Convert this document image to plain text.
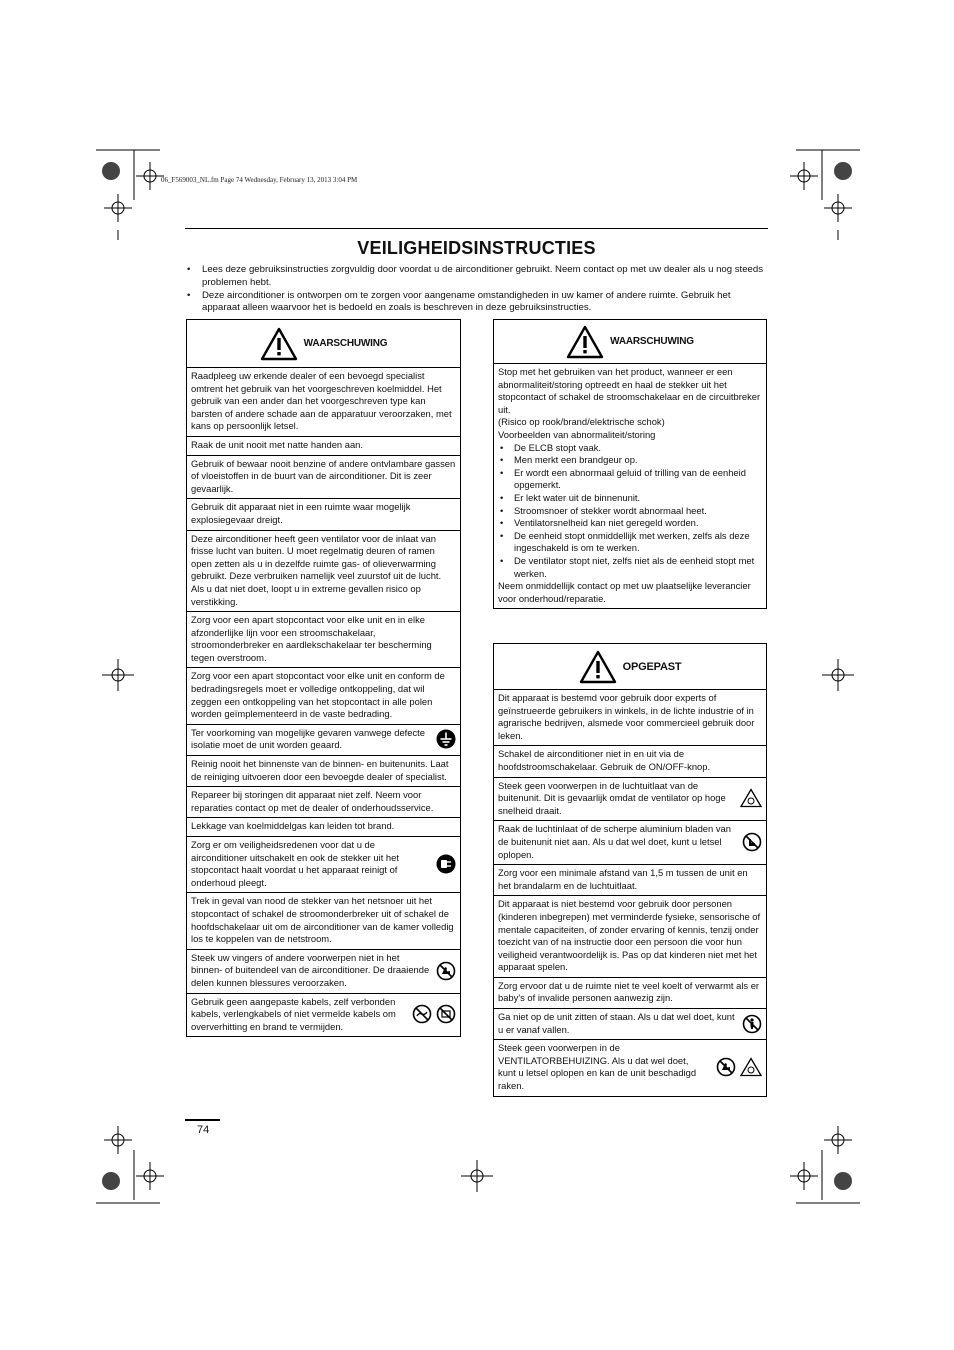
06_F569003_NL.fm Page 74 Wednesday, February 13, 2013 3:04 PM
VEILIGHEIDSINSTRUCTIES
• Lees deze gebruiksinstructies zorgvuldig door voordat u de airconditioner gebruikt. Neem contact op met uw dealer als u nog steeds problemen hebt.
• Deze airconditioner is ontworpen om te zorgen voor aangename omstandigheden in uw kamer of andere ruimte. Gebruik het apparaat alleen waarvoor het is bedoeld en zoals is beschreven in deze gebruiksinstructies.
WAARSCHUWING
Raadpleeg uw erkende dealer of een bevoegd specialist omtrent het gebruik van het voorgeschreven koelmiddel. Het gebruik van een ander dan het voorgeschreven type kan barsten of andere schade aan de apparatuur veroorzaken, met kans op persoonlijk letsel.
Raak de unit nooit met natte handen aan.
Gebruik of bewaar nooit benzine of andere ontvlambare gassen of vloeistoffen in de buurt van de airconditioner. Dit is zeer gevaarlijk.
Gebruik dit apparaat niet in een ruimte waar mogelijk explosiegevaar dreigt.
Deze airconditioner heeft geen ventilator voor de inlaat van frisse lucht van buiten. U moet regelmatig deuren of ramen open zetten als u in dezelfde ruimte gas- of olieverwarming gebruikt. Deze verbruiken namelijk veel zuurstof uit de lucht. Als u dat niet doet, loopt u in extreme gevallen risico op verstikking.
Zorg voor een apart stopcontact voor elke unit en in elke afzonderlijke lijn voor een stroomschakelaar, stroomonderbreker en aardlekschakelaar ter bescherming tegen overstroom.
Zorg voor een apart stopcontact voor elke unit en conform de bedradingsregels moet er volledige ontkoppeling, dat wil zeggen een ontkoppeling van het stopcontact in alle polen worden geïmplementeerd in de vaste bedrading.
Ter voorkoming van mogelijke gevaren vanwege defecte isolatie moet de unit worden geaard.
Reinig nooit het binnenste van de binnen- en buitenunits. Laat de reiniging uitvoeren door een bevoegde dealer of specialist.
Repareer bij storingen dit apparaat niet zelf. Neem voor reparaties contact op met de dealer of onderhoudsservice.
Lekkage van koelmiddelgas kan leiden tot brand.
Zorg er om veiligheidsredenen voor dat u de airconditioner uitschakelt en ook de stekker uit het stopcontact haalt voordat u het apparaat reinigt of onderhoud pleegt.
Trek in geval van nood de stekker van het netsnoer uit het stopcontact of schakel de stroomonderbreker uit of schakel de hoofdschakelaar uit om de airconditioner van de kamer volledig los te koppelen van de netstroom.
Steek uw vingers of andere voorwerpen niet in het binnen- of buitendeel van de airconditioner. De draaiende delen kunnen blessures veroorzaken.
Gebruik geen aangepaste kabels, zelf verbonden kabels, verlengkabels of niet vermelde kabels om oververhitting en brand te vermijden.
WAARSCHUWING
Stop met het gebruiken van het product, wanneer er een abnormaliteit/storing optreedt en haal de stekker uit het stopcontact of schakel de stroomschakelaar en de circuitbreker uit.
(Risico op rook/brand/elektrische schok)
Voorbeelden van abnormaliteit/storing
• De ELCB stopt vaak.
• Men merkt een brandgeur op.
• Er wordt een abnormaal geluid of trilling van de eenheid opgemerkt.
• Er lekt water uit de binnenunit.
• Stroomsnoer of stekker wordt abnormaal heet.
• Ventilatorsnelheid kan niet geregeld worden.
• De eenheid stopt onmiddellijk met werken, zelfs als deze ingeschakeld is om te werken.
• De ventilator stopt niet, zelfs niet als de eenheid stopt met werken.
Neem onmiddellijk contact op met uw plaatselijke leverancier voor onderhoud/reparatie.
OPGEPAST
Dit apparaat is bestemd voor gebruik door experts of geïnstrueerde gebruikers in winkels, in de lichte industrie of in agrarische bedrijven, alsmede voor commercieel gebruik door leken.
Schakel de airconditioner niet in en uit via de hoofdstroomschakelaar. Gebruik de ON/OFF-knop.
Steek geen voorwerpen in de luchtuitlaat van de buitenunit. Dit is gevaarlijk omdat de ventilator op hoge snelheid draait.
Raak de luchtinlaat of de scherpe aluminium bladen van de buitenunit niet aan. Als u dat wel doet, kunt u letsel oplopen.
Zorg voor een minimale afstand van 1,5 m tussen de unit en het brandalarm en de luchtuitlaat.
Dit apparaat is niet bestemd voor gebruik door personen (kinderen inbegrepen) met verminderde fysieke, sensorische of mentale capaciteiten, of zonder ervaring of kennis, tenzij onder toezicht van of na instructie door een persoon die voor hun veiligheid verantwoordelijk is. Pas op dat kinderen niet met het apparaat spelen.
Zorg ervoor dat u de ruimte niet te veel koelt of verwarmt als er baby's of invalide personen aanwezig zijn.
Ga niet op de unit zitten of staan. Als u dat wel doet, kunt u er vanaf vallen.
Steek geen voorwerpen in de VENTILATORBEHUIZING. Als u dat wel doet, kunt u letsel oplopen en kan de unit beschadigd raken.
74
